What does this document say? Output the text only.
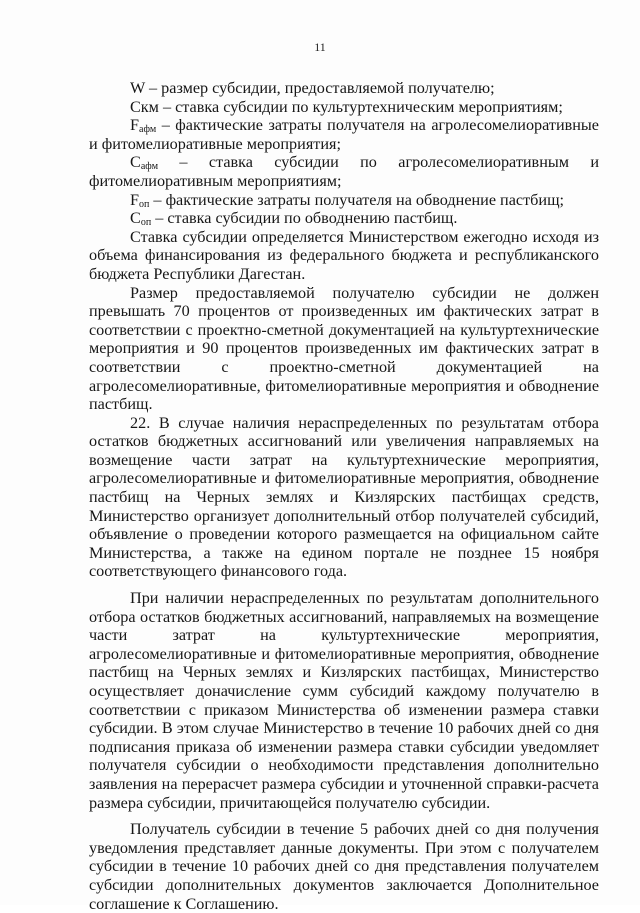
11

W – размер субсидии, предоставляемой получателю;

Скм – ставка субсидии по культуртехническим мероприятиям;

$F_{афм}$ – фактические затраты получателя на агролесомелиоративные и фитомелиоративные мероприятия;

$С_{афм}$ – ставка субсидии по агролесомелиоративным и фитомелиоративным мероприятиям;

$F_{оп}$ – фактические затраты получателя на обводнение пастбищ;

$С_{оп}$ – ставка субсидии по обводнению пастбищ.

Ставка субсидии определяется Министерством ежегодно исходя из объема финансирования из федерального бюджета и республиканского бюджета Республики Дагестан.

Размер предоставляемой получателю субсидии не должен превышать 70 процентов от произведенных им фактических затрат в соответствии с проектно-сметной документацией на культуртехнические мероприятия и 90 процентов произведенных им фактических затрат в соответствии с проектно-сметной документацией на агролесомелиоративные, фитомелиоративные мероприятия и обводнение пастбищ.

22. В случае наличия нераспределенных по результатам отбора остатков бюджетных ассигнований или увеличения направляемых на возмещение части затрат на культуртехнические мероприятия, агролесомелиоративные и фитомелиоративные мероприятия, обводнение пастбищ на Черных землях и Кизлярских пастбищах средств, Министерство организует дополнительный отбор получателей субсидий, объявление о проведении которого размещается на официальном сайте Министерства, а также на едином портале не позднее 15 ноября соответствующего финансового года.

При наличии нераспределенных по результатам дополнительного отбора остатков бюджетных ассигнований, направляемых на возмещение части затрат на культуртехнические мероприятия, агролесомелиоративные и фитомелиоративные мероприятия, обводнение пастбищ на Черных землях и Кизлярских пастбищах, Министерство осуществляет доначисление сумм субсидий каждому получателю в соответствии с приказом Министерства об изменении размера ставки субсидии. В этом случае Министерство в течение 10 рабочих дней со дня подписания приказа об изменении размера ставки субсидии уведомляет получателя субсидии о необходимости представления дополнительно заявления на перерасчет размера субсидии и уточненной справки-расчета размера субсидии, причитающейся получателю субсидии.

Получатель субсидии в течение 5 рабочих дней со дня получения уведомления представляет данные документы. При этом с получателем субсидии в течение 10 рабочих дней со дня представления получателем субсидии дополнительных документов заключается Дополнительное соглашение к Соглашению.
